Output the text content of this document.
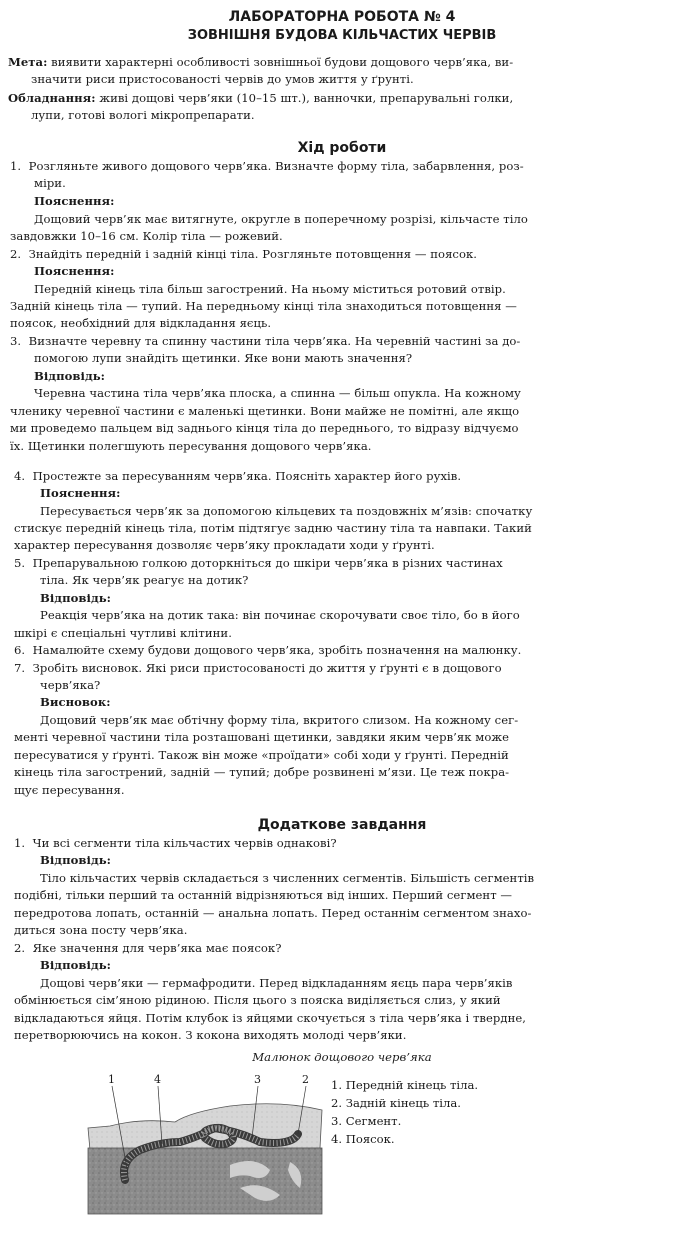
ЛАБОРАТОРНА РОБОТА № 4
ЗОВНІШНЯ БУДОВА КІЛЬЧАСТИХ ЧЕРВІВ
Мета: виявити характерні особливості зовнішньої будови дощового черв’яка, ви-
значити риси пристосованості червів до умов життя у ґрунті.
Обладнання: живі дощові черв’яки (10–15 шт.), ванночки, препарувальні голки,
лупи, готові вологі мікропрепарати.
Хід роботи
1.  Розгляньте живого дощового черв’яка. Визначте форму тіла, забарвлення, роз-
міри.
Пояснення:
Дощовий черв’як має витягнуте, округле в поперечному розрізі, кільчасте тіло
завдовжки 10–16 см. Колір тіла — рожевий.
2.  Знайдіть передній і задній кінці тіла. Розгляньте потовщення — поясок.
Пояснення:
Передній кінець тіла більш загострений. На ньому міститься ротовий отвір.
Задній кінець тіла — тупий. На передньому кінці тіла знаходиться потовщення —
поясок, необхідний для відкладання яєць.
3.  Визначте черевну та спинну частини тіла черв’яка. На черевній частині за до-
помогою лупи знайдіть щетинки. Яке вони мають значення?
Відповідь:
Черевна частина тіла черв’яка плоска, а спинна — більш опукла. На кожному
членику черевної частини є маленькі щетинки. Вони майже не помітні, але якщо
ми проведемо пальцем від заднього кінця тіла до переднього, то відразу відчуємо
їх. Щетинки полегшують пересування дощового черв’яка.
4.  Простежте за пересуванням черв’яка. Поясніть характер його рухів.
Пояснення:
Пересувається черв’як за допомогою кільцевих та поздовжніх м’язів: спочатку
стискує передній кінець тіла, потім підтягує задню частину тіла та навпаки. Такий
характер пересування дозволяє черв’яку прокладати ходи у ґрунті.
5.  Препарувальною голкою доторкніться до шкіри черв’яка в різних частинах
тіла. Як черв’як реагує на дотик?
Відповідь:
Реакція черв’яка на дотик така: він починає скорочувати своє тіло, бо в його
шкірі є спеціальні чутливі клітини.
6.  Намалюйте схему будови дощового черв’яка, зробіть позначення на малюнку.
7.  Зробіть висновок. Які риси пристосованості до життя у ґрунті є в дощового
черв’яка?
Висновок:
Дощовий черв’як має обтічну форму тіла, вкритого слизом. На кожному сег-
менті черевної частини тіла розташовані щетинки, завдяки яким черв’як може
пересуватися у ґрунті. Також він може «проїдати» собі ходи у ґрунті. Передній
кінець тіла загострений, задній — тупий; добре розвинені м’язи. Це теж покра-
щує пересування.
Додаткове завдання
1.  Чи всі сегменти тіла кільчастих червів однакові?
Відповідь:
Тіло кільчастих червів складається з численних сегментів. Більшість сегментів
подібні, тільки перший та останній відрізняються від інших. Перший сегмент —
передротова лопать, останній — анальна лопать. Перед останнім сегментом знахо-
диться зона посту черв’яка.
2.  Яке значення для черв’яка має поясок?
Відповідь:
Дощові черв’яки — гермафродити. Перед відкладанням яєць пара черв’яків
обмінюється сім’яною рідиною. Після цього з пояска виділяється слиз, у який
відкладаються яйця. Потім клубок із яйцями скочується з тіла черв’яка і твердне,
перетворюючись на кокон. З кокона виходять молоді черв’яки.
Малюнок дощового черв’яка
1	4	3	2 1. Передній кінець тіла.
2. Задній кінець тіла.
3. Сегмент.
4. Поясок.
